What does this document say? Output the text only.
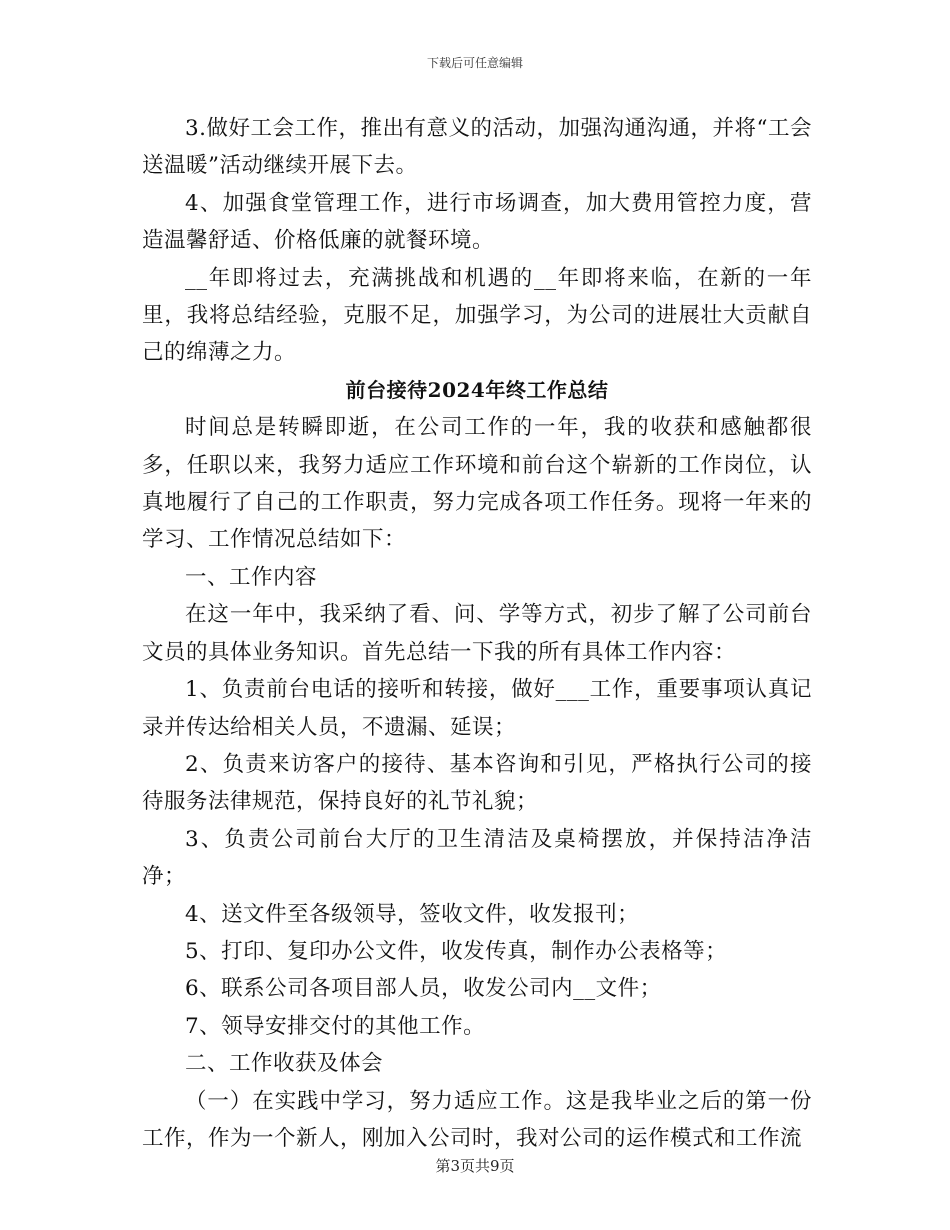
下载后可任意编辑

3.做好工会工作，推出有意义的活动，加强沟通沟通，并将“工会送温暖”活动继续开展下去。

4、加强食堂管理工作，进行市场调查，加大费用管控力度，营造温馨舒适、价格低廉的就餐环境。

__年即将过去，充满挑战和机遇的__年即将来临，在新的一年里，我将总结经验，克服不足，加强学习，为公司的进展壮大贡献自己的绵薄之力。

前台接待2024年终工作总结

时间总是转瞬即逝，在公司工作的一年，我的收获和感触都很多，任职以来，我努力适应工作环境和前台这个崭新的工作岗位，认真地履行了自己的工作职责，努力完成各项工作任务。现将一年来的学习、工作情况总结如下：

一、工作内容

在这一年中，我采纳了看、问、学等方式，初步了解了公司前台文员的具体业务知识。首先总结一下我的所有具体工作内容：

1、负责前台电话的接听和转接，做好___工作，重要事项认真记录并传达给相关人员，不遗漏、延误；

2、负责来访客户的接待、基本咨询和引见，严格执行公司的接待服务法律规范，保持良好的礼节礼貌；

3、负责公司前台大厅的卫生清洁及桌椅摆放，并保持洁净洁净；

4、送文件至各级领导，签收文件，收发报刊；

5、打印、复印办公文件，收发传真，制作办公表格等；

6、联系公司各项目部人员，收发公司内__文件；

7、领导安排交付的其他工作。

二、工作收获及体会

（一）在实践中学习，努力适应工作。这是我毕业之后的第一份工作，作为一个新人，刚加入公司时，我对公司的运作模式和工作流

第3页共9页
